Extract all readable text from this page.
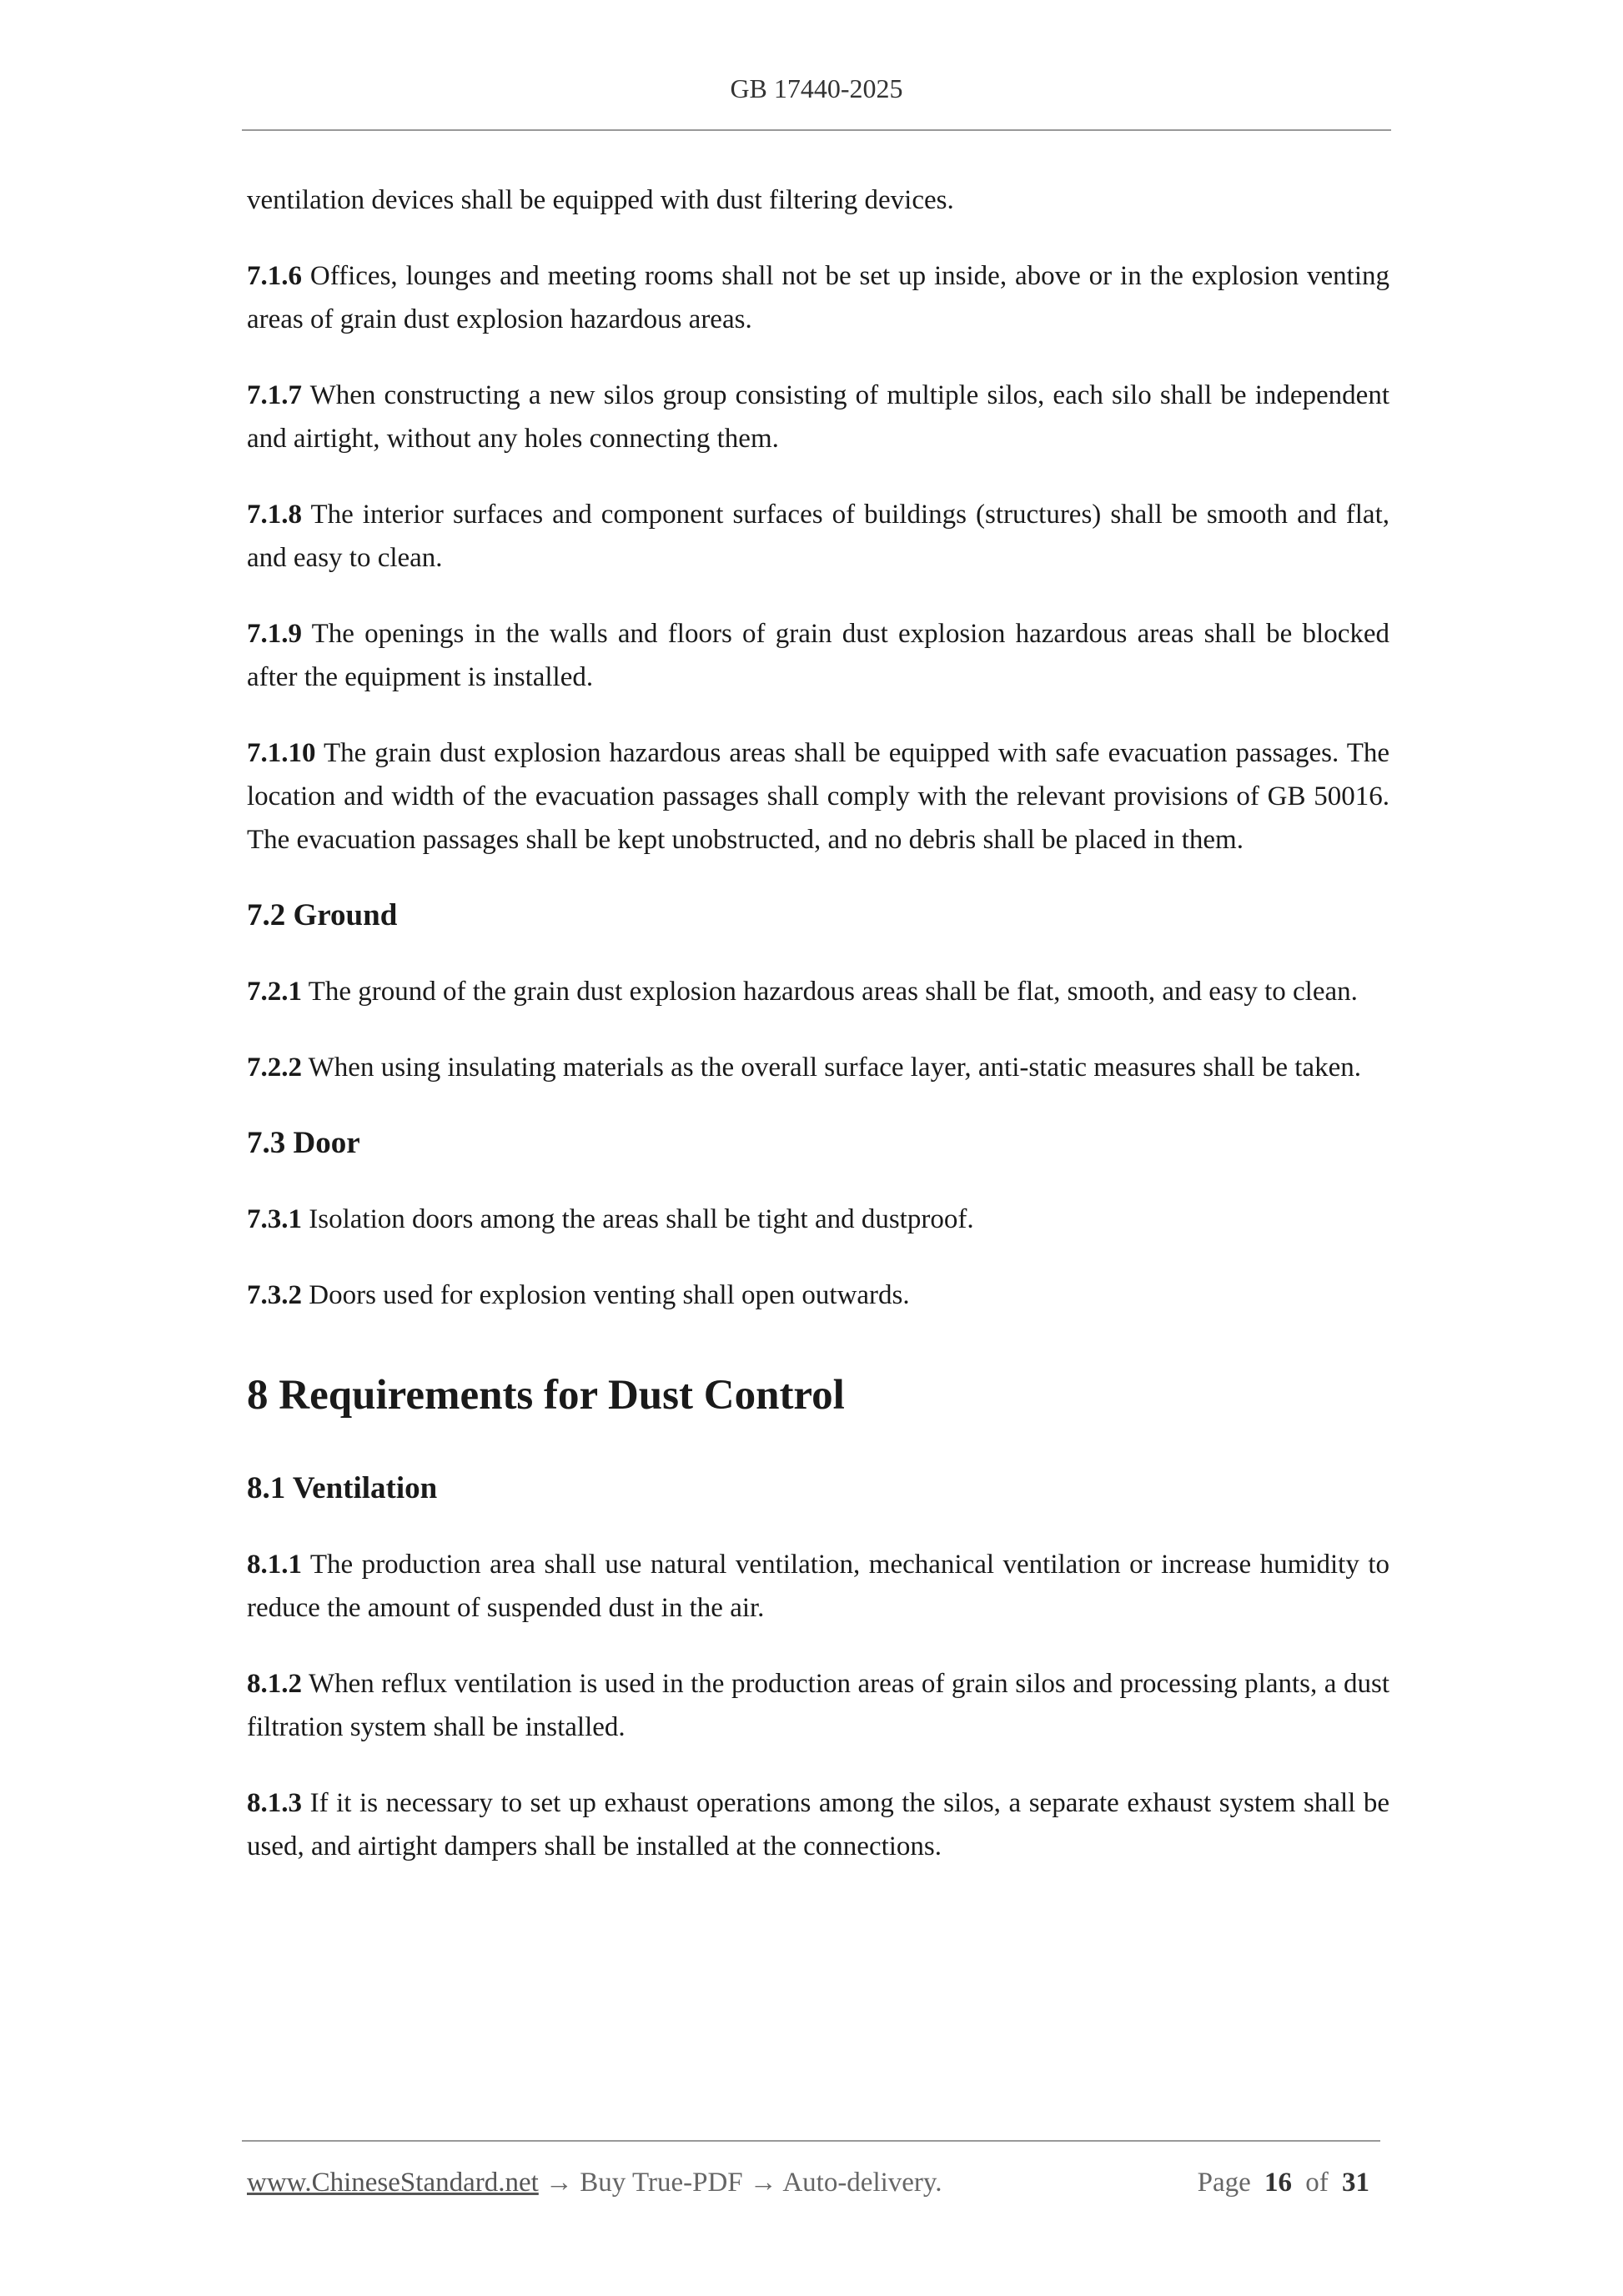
GB 17440-2025

ventilation devices shall be equipped with dust filtering devices.

7.1.6 Offices, lounges and meeting rooms shall not be set up inside, above or in the explosion venting areas of grain dust explosion hazardous areas.

7.1.7 When constructing a new silos group consisting of multiple silos, each silo shall be independent and airtight, without any holes connecting them.

7.1.8 The interior surfaces and component surfaces of buildings (structures) shall be smooth and flat, and easy to clean.

7.1.9 The openings in the walls and floors of grain dust explosion hazardous areas shall be blocked after the equipment is installed.

7.1.10 The grain dust explosion hazardous areas shall be equipped with safe evacuation passages. The location and width of the evacuation passages shall comply with the relevant provisions of GB 50016. The evacuation passages shall be kept unobstructed, and no debris shall be placed in them.

7.2 Ground

7.2.1 The ground of the grain dust explosion hazardous areas shall be flat, smooth, and easy to clean.

7.2.2 When using insulating materials as the overall surface layer, anti-static measures shall be taken.

7.3 Door

7.3.1 Isolation doors among the areas shall be tight and dustproof.

7.3.2 Doors used for explosion venting shall open outwards.

8 Requirements for Dust Control
8.1 Ventilation

8.1.1 The production area shall use natural ventilation, mechanical ventilation or increase humidity to reduce the amount of suspended dust in the air.

8.1.2 When reflux ventilation is used in the production areas of grain silos and processing plants, a dust filtration system shall be installed.

8.1.3 If it is necessary to set up exhaust operations among the silos, a separate exhaust system shall be used, and airtight dampers shall be installed at the connections.

www.ChineseStandard.net → Buy True-PDF → Auto-delivery.	Page 16 of 31
